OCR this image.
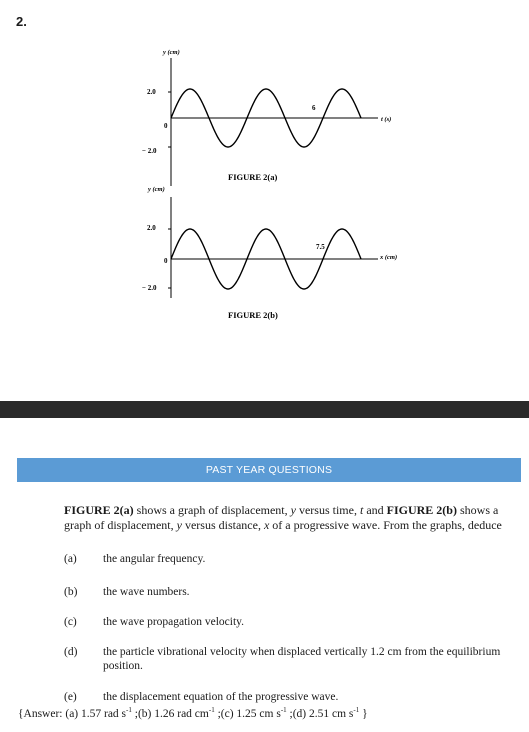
2.
y (cm)
t (s)
2.0
0
− 2.0
6
FIGURE 2(a)
y (cm)
x (cm)
2.0
0
− 2.0
7.5
FIGURE 2(b)
PAST YEAR QUESTIONS
FIGURE 2(a) shows a graph of displacement, y versus time, t and FIGURE 2(b) shows a graph of displacement, y versus distance, x of a progressive wave. From the graphs, deduce
(a) the angular frequency.
(b) the wave numbers.
(c) the wave propagation velocity.
(d) the particle vibrational velocity when displaced vertically 1.2 cm from the equilibrium position.
(e) the displacement equation of the progressive wave.
{Answer: (a) 1.57 rad $s^{-1}$ ;(b) 1.26 rad $cm^{-1}$ ;(c) 1.25 cm $s^{-1}$ ;(d) 2.51 cm $s^{-1}$ }
